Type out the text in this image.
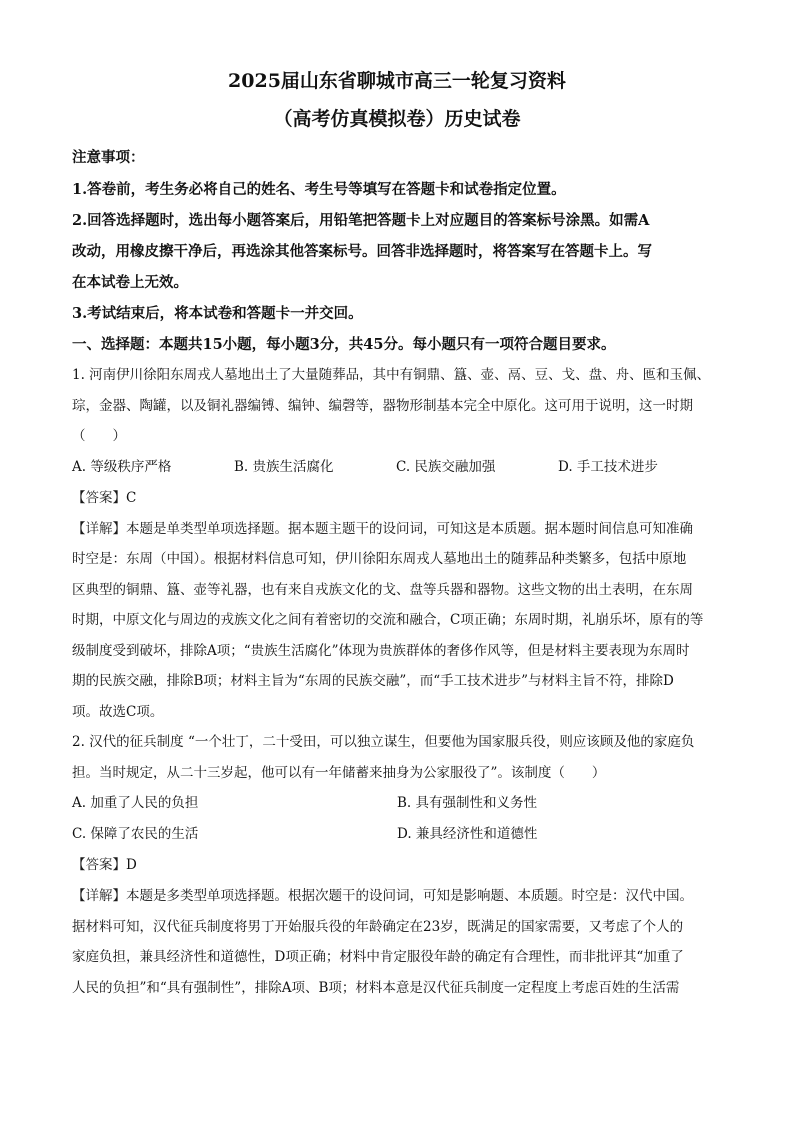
2025届山东省聊城市高三一轮复习资料
（高考仿真模拟卷）历史试卷

注意事项：

1.答卷前，考生务必将自己的姓名、考生号等填写在答题卡和试卷指定位置。

2.回答选择题时，选出每小题答案后，用铅笔把答题卡上对应题目的答案标号涂黑。如需A

改动，用橡皮擦干净后，再选涂其他答案标号。回答非选择题时，将答案写在答题卡上。写

在本试卷上无效。

3.考试结束后，将本试卷和答题卡一并交回。

一、选择题：本题共15小题，每小题3分，共45分。每小题只有一项符合题目要求。

1. 河南伊川徐阳东周戎人墓地出土了大量随葬品，其中有铜鼎、簋、壶、鬲、豆、戈、盘、舟、匜和玉佩、

琮，金器、陶罐，以及铜礼器编镈、编钟、编磬等，器物形制基本完全中原化。这可用于说明，这一时期

（　　）

A. 等级秩序严格	B. 贵族生活腐化	C. 民族交融加强	D. 手工技术进步

【答案】C

【详解】本题是单类型单项选择题。据本题主题干的设问词，可知这是本质题。据本题时间信息可知准确

时空是：东周（中国）。根据材料信息可知，伊川徐阳东周戎人墓地出土的随葬品种类繁多，包括中原地

区典型的铜鼎、簋、壶等礼器，也有来自戎族文化的戈、盘等兵器和器物。这些文物的出土表明，在东周

时期，中原文化与周边的戎族文化之间有着密切的交流和融合，C项正确；东周时期，礼崩乐坏，原有的等

级制度受到破坏，排除A项；“贵族生活腐化”体现为贵族群体的奢侈作风等，但是材料主要表现为东周时

期的民族交融，排除B项；材料主旨为“东周的民族交融”，而“手工技术进步”与材料主旨不符，排除D

项。故选C项。

2. 汉代的征兵制度 “一个壮丁，二十受田，可以独立谋生，但要他为国家服兵役，则应该顾及他的家庭负

担。当时规定，从二十三岁起，他可以有一年储蓄来抽身为公家服役了”。该制度（　　）

A. 加重了人民的负担	B. 具有强制性和义务性
C. 保障了农民的生活	D. 兼具经济性和道德性

【答案】D

【详解】本题是多类型单项选择题。根据次题干的设问词，可知是影响题、本质题。时空是：汉代中国。

据材料可知，汉代征兵制度将男丁开始服兵役的年龄确定在23岁，既满足的国家需要，又考虑了个人的

家庭负担，兼具经济性和道德性，D项正确；材料中肯定服役年龄的确定有合理性，而非批评其“加重了

人民的负担”和“具有强制性”，排除A项、B项；材料本意是汉代征兵制度一定程度上考虑百姓的生活需
